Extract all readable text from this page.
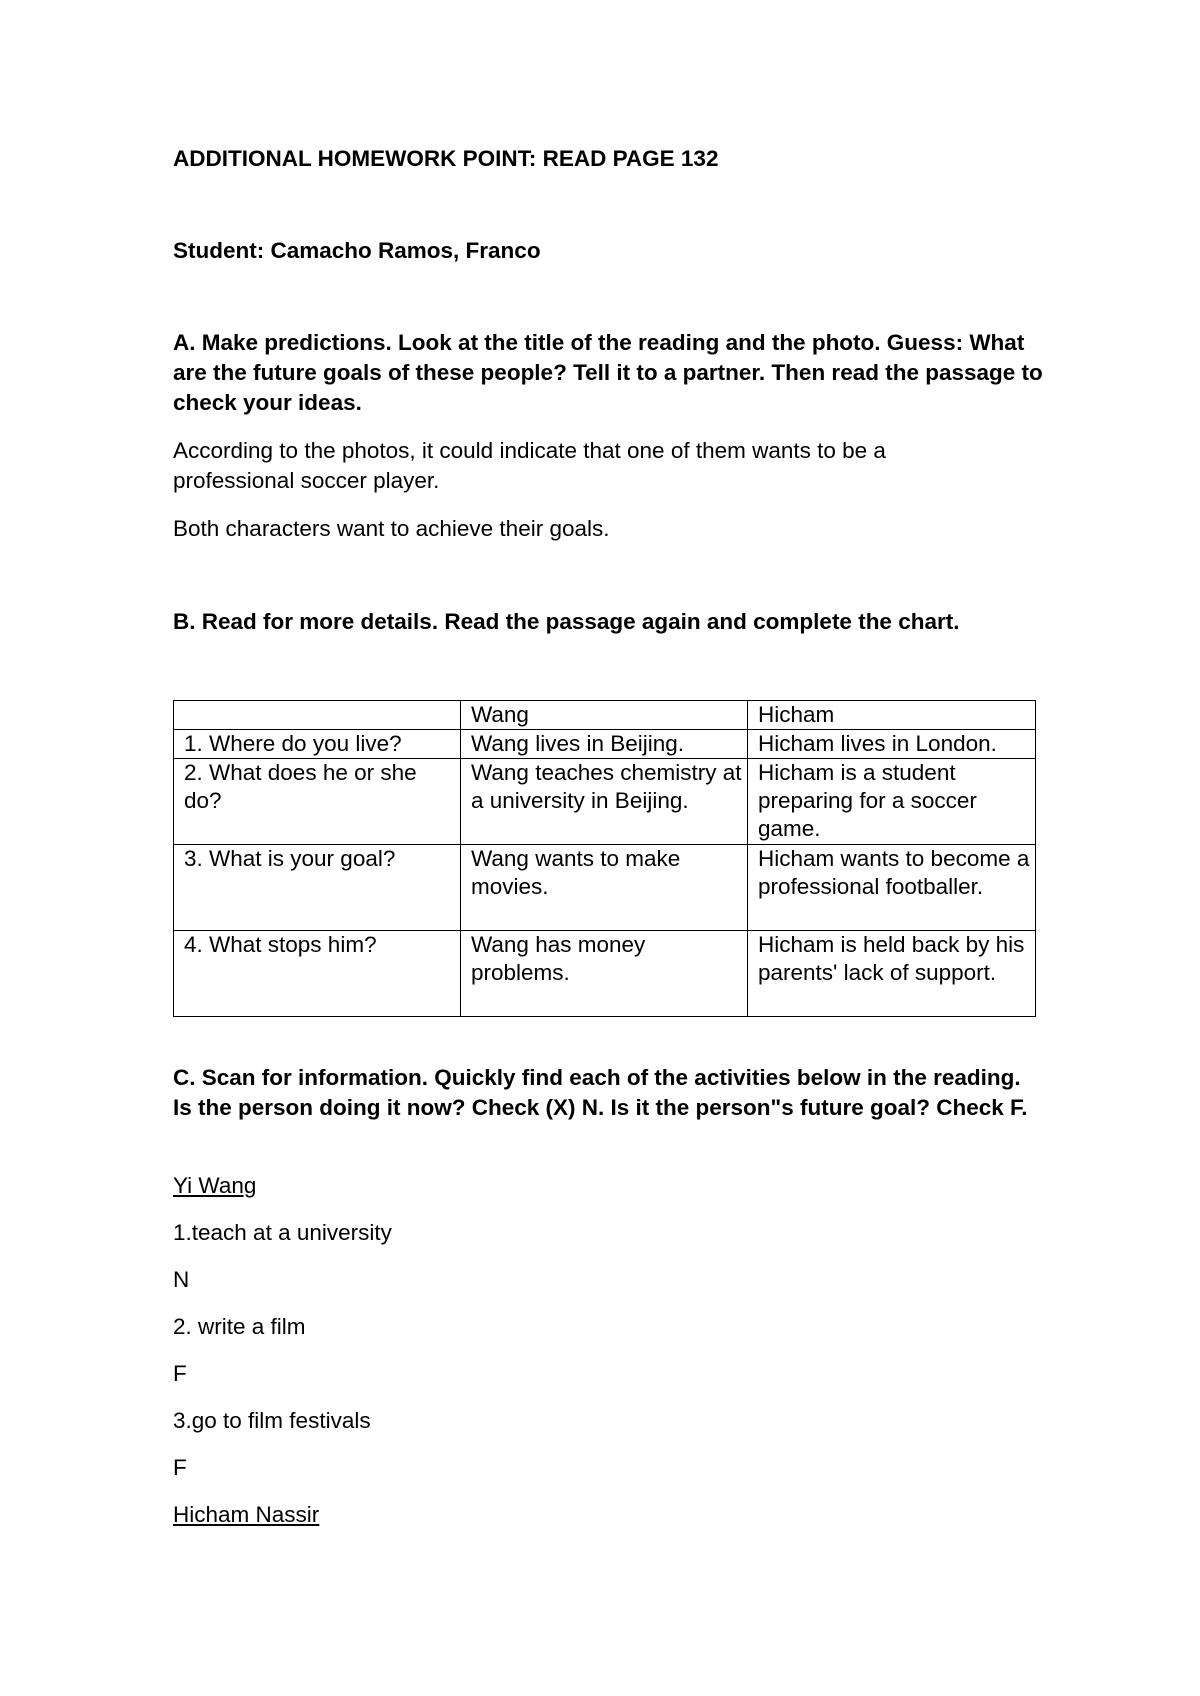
ADDITIONAL HOMEWORK POINT: READ PAGE 132
Student: Camacho Ramos, Franco
A. Make predictions. Look at the title of the reading and the photo. Guess: What are the future goals of these people? Tell it to a partner. Then read the passage to check your ideas.
According to the photos, it could indicate that one of them wants to be a professional soccer player.
Both characters want to achieve their goals.
B. Read for more details. Read the passage again and complete the chart.
	Wang	Hicham
1. Where do you live?	Wang lives in Beijing.	Hicham lives in London.
2. What does he or she do?	Wang teaches chemistry at a university in Beijing.	Hicham is a student preparing for a soccer game.
3. What is your goal?	Wang wants to make movies.	Hicham wants to become a professional footballer.
4. What stops him?	Wang has money problems.	Hicham is held back by his parents' lack of support.
C. Scan for information. Quickly find each of the activities below in the reading. Is the person doing it now? Check (X) N. Is it the person"s future goal? Check F.
Yi Wang
1.teach at a university
N
2. write a film
F
3.go to film festivals
F
Hicham Nassir
